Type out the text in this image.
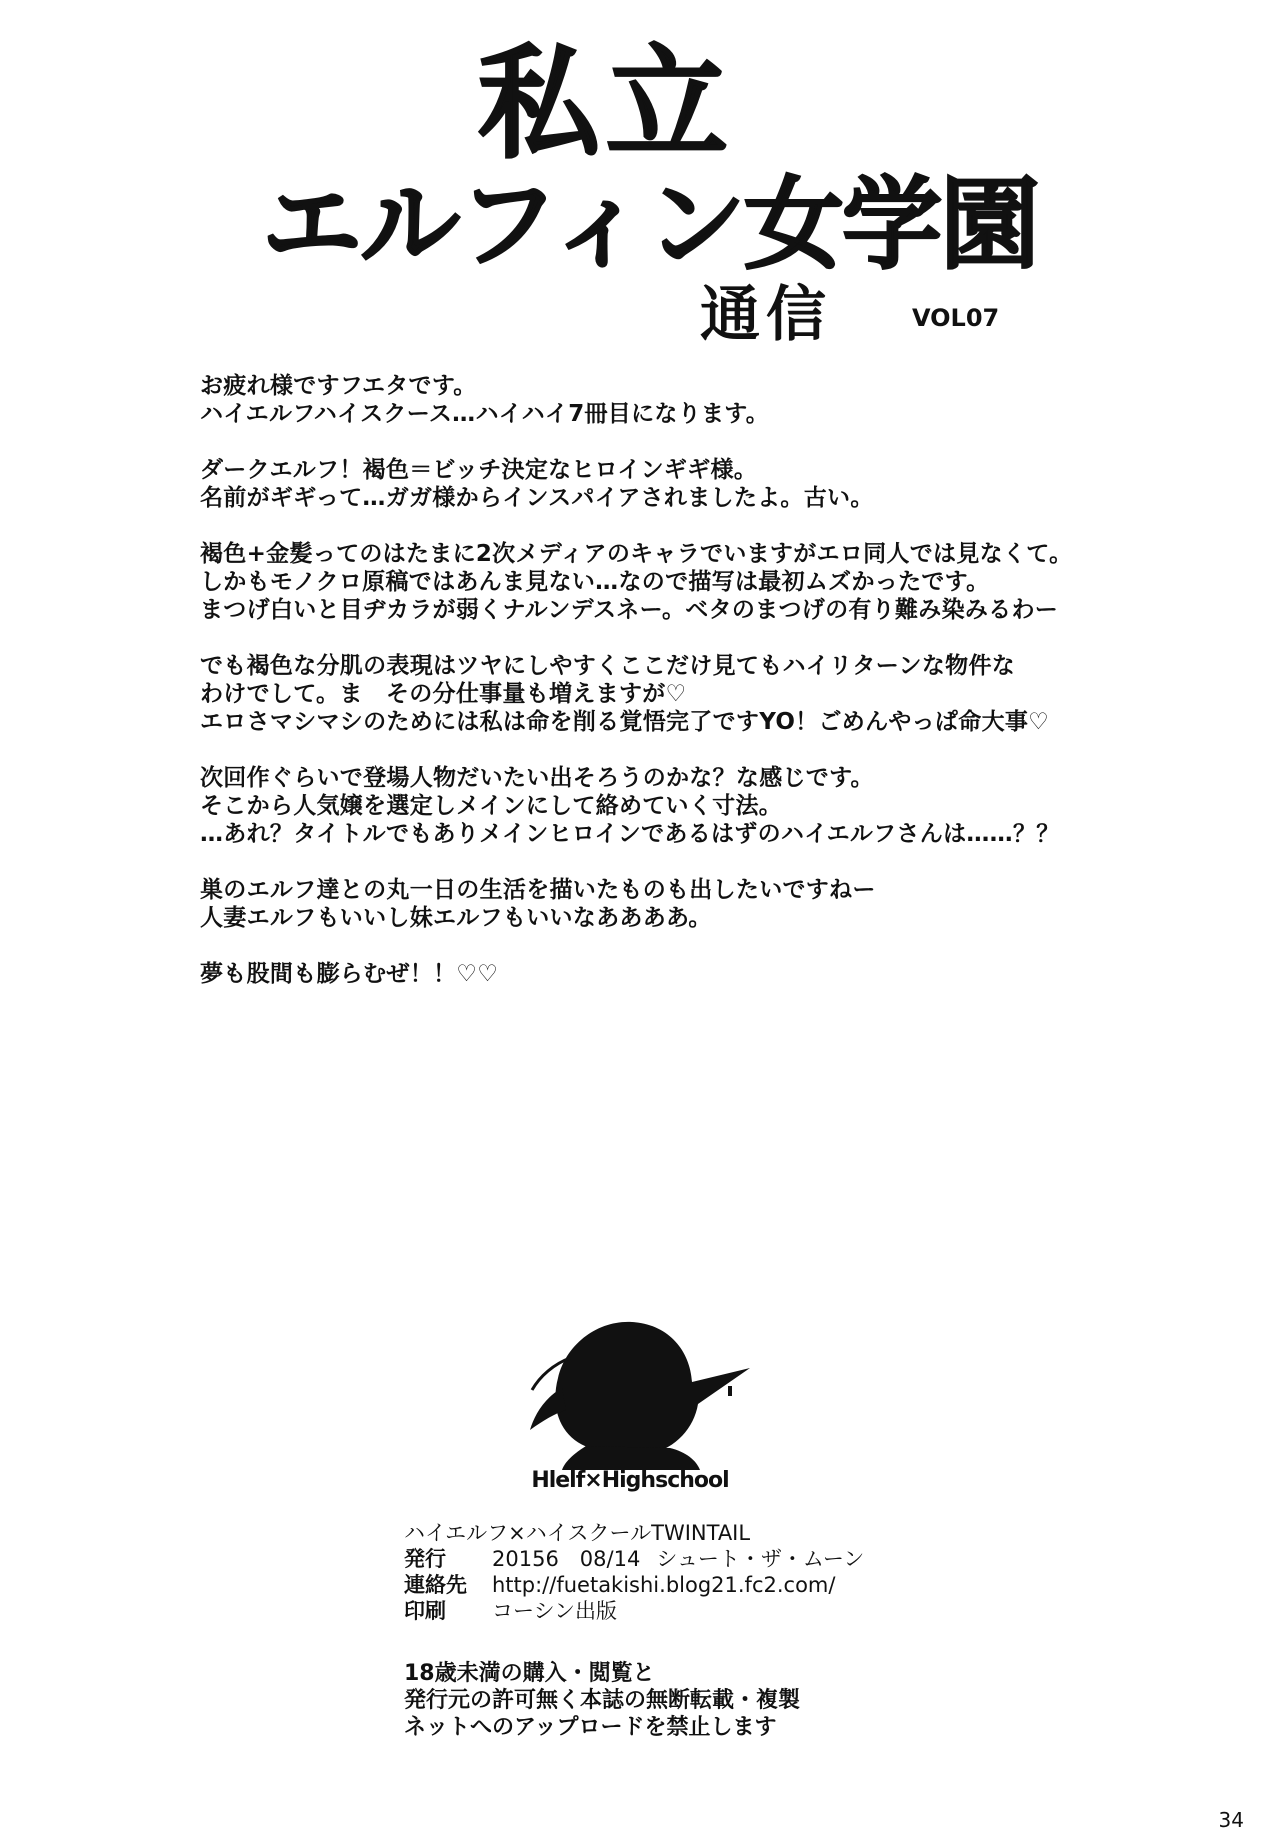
私立
エルフィン女学園
通信	VOL07
お疲れ様ですフエタです。
ハイエルフハイスクース…ハイハイ7冊目になります。
ダークエルフ！褐色＝ビッチ決定なヒロインギギ様。
名前がギギって…ガガ様からインスパイアされましたよ。古い。
褐色+金髪ってのはたまに2次メディアのキャラでいますがエロ同人では見なくて。
しかもモノクロ原稿ではあんま見ない…なので描写は最初ムズかったです。
まつげ白いと目ヂカラが弱くナルンデスネー。ベタのまつげの有り難み染みるわー
でも褐色な分肌の表現はツヤにしやすくここだけ見てもハイリターンな物件な
わけでして。ま　その分仕事量も増えますが♡
エロさマシマシのためには私は命を削る覚悟完了ですYO！ごめんやっぱ命大事♡
次回作ぐらいで登場人物だいたい出そろうのかな？な感じです。
そこから人気嬢を選定しメインにして絡めていく寸法。
…あれ？タイトルでもありメインヒロインであるはずのハイエルフさんは……？？
巣のエルフ達との丸一日の生活を描いたものも出したいですねー
人妻エルフもいいし妹エルフもいいなああああ。
夢も股間も膨らむぜ！！♡♡
Hlelf×Highschool
ハイエルフ×ハイスクールTWINTAIL
発行 20156　08/14 シュート・ザ・ムーン
連絡先 http://fuetakishi.blog21.fc2.com/
印刷 コーシン出版
18歳未満の購入・閲覧と
発行元の許可無く本誌の無断転載・複製
ネットへのアップロードを禁止します
34
